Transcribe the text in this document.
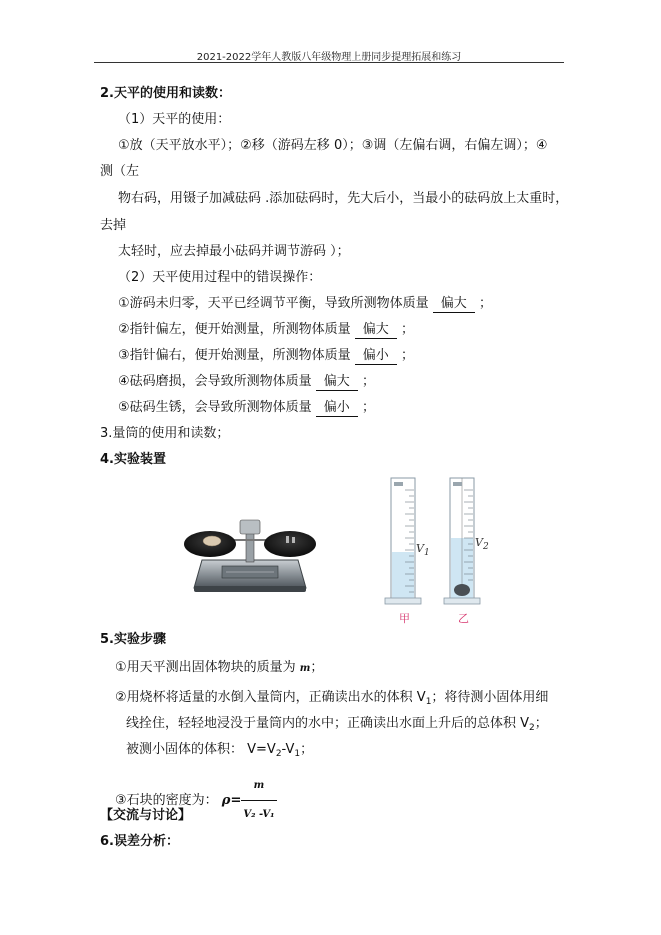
2021-2022学年人教版八年级物理上册同步提理拓展和练习
2.天平的使用和读数：
（1）天平的使用：
①放（天平放水平）；②移（游码左移 0）；③调（左偏右调，右偏左调）；④
测（左
物右码，用镊子加减砝码 .添加砝码时，先大后小，当最小的砝码放上太重时，
去掉
太轻时，应去掉最小砝码并调节游码 ）；
（2）天平使用过程中的错误操作：
①游码未归零，天平已经调节平衡，导致所测物体质量 偏大 ；
②指针偏左，便开始测量，所测物体质量 偏大 ；
③指针偏右，便开始测量，所测物体质量 偏小 ；
④砝码磨损，会导致所测物体质量 偏大 ；
⑤砝码生锈，会导致所测物体质量 偏小 ；
3.量筒的使用和读数；
4.实验装置
$V_1$
甲
$V_2$
乙
5.实验步骤
①用天平测出固体物块的质量为 m；
②用烧杯将适量的水倒入量筒内，正确读出水的体积 $V_1$；将待测小固体用细
线拴住，轻轻地浸没于量筒内的水中；正确读出水面上升后的总体积 $V_2$；
被测小固体的体积： $V=V_2-V_1$；
③石块的密度为： $\rho= \frac{m}{\text{V₂ -V₁}}$
【交流与讨论】
6.误差分析：
